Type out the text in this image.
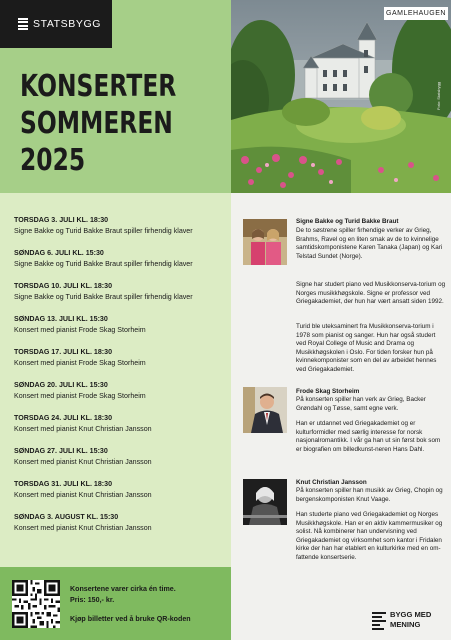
STATSBYGG
KONSERTER
SOMMEREN
2025
GAMLEHAUGEN
Foto: Statsbygg
TORSDAG 3. JULI KL. 18:30
Signe Bakke og Turid Bakke Braut spiller firhendig klaver
SØNDAG 6. JULI KL. 15:30
Signe Bakke og Turid Bakke Braut spiller firhendig klaver
TORSDAG 10. JULI KL. 18:30
Signe Bakke og Turid Bakke Braut spiller firhendig klaver
SØNDAG 13. JULI KL. 15:30
Konsert med pianist Frode Skag Storheim
TORSDAG 17. JULI KL. 18:30
Konsert med pianist Frode Skag Storheim
SØNDAG 20. JULI KL. 15:30
Konsert med pianist Frode Skag Storheim
TORSDAG 24. JULI KL. 18:30
Konsert med pianist Knut Christian Jansson
SØNDAG 27. JULI KL. 15:30
Konsert med pianist Knut Christian Jansson
TORSDAG 31. JULI KL. 18:30
Konsert med pianist Knut Christian Jansson
SØNDAG 3. AUGUST KL. 15:30
Konsert med pianist Knut Christian Jansson
Konsertene varer cirka én time.
Pris: 150,- kr.
Kjøp billetter ved å bruke QR-koden
Signe Bakke og Turid Bakke Braut

De to søstrene spiller firhendige verker av Grieg, Brahms, Ravel og en liten smak av de to kvinnelige samtidskomponistene Karen Tanaka (Japan) og Kari Telstad Sundet (Norge).

Signe har studert piano ved Musikkonserva-torium og Norges musikkhøgskole. Signe er professor ved Griegakademiet, der hun har vært ansatt siden 1992.

Turid ble uteksaminert fra Musikkonserva-torium i 1978 som pianist og sanger. Hun har også studert ved Royal College of Music and Drama og Musikkhøgskolen i Oslo. For tiden forsker hun på kvinnekomponister som en del av arbeidet hennes ved Griegakademiet.

Frode Skag Storheim

På konserten spiller han verk av Grieg, Backer Grøndahl og Tøsse, samt egne verk.

Han er utdannet ved Griegakademiet og er kulturformidler med særlig interesse for norsk nasjonalromantikk. I vår ga han ut sin først bok som er biografien om billedkunst-neren Hans Dahl.

Knut Christian Jansson

På konserten spiller han musikk av Grieg, Chopin og bergenskomponisten Knut Vaage.

Han studerte piano ved Griegakademiet og Norges Musikkhøgskole. Han er en aktiv kammermusiker og solist. Nå kombinerer han undervisning ved Griegakademiet og virksomhet som kantor i Fridalen kirke der han har etablert en kulturkirke med en om-fattende konsertserie.

BYGG MED
MENING
